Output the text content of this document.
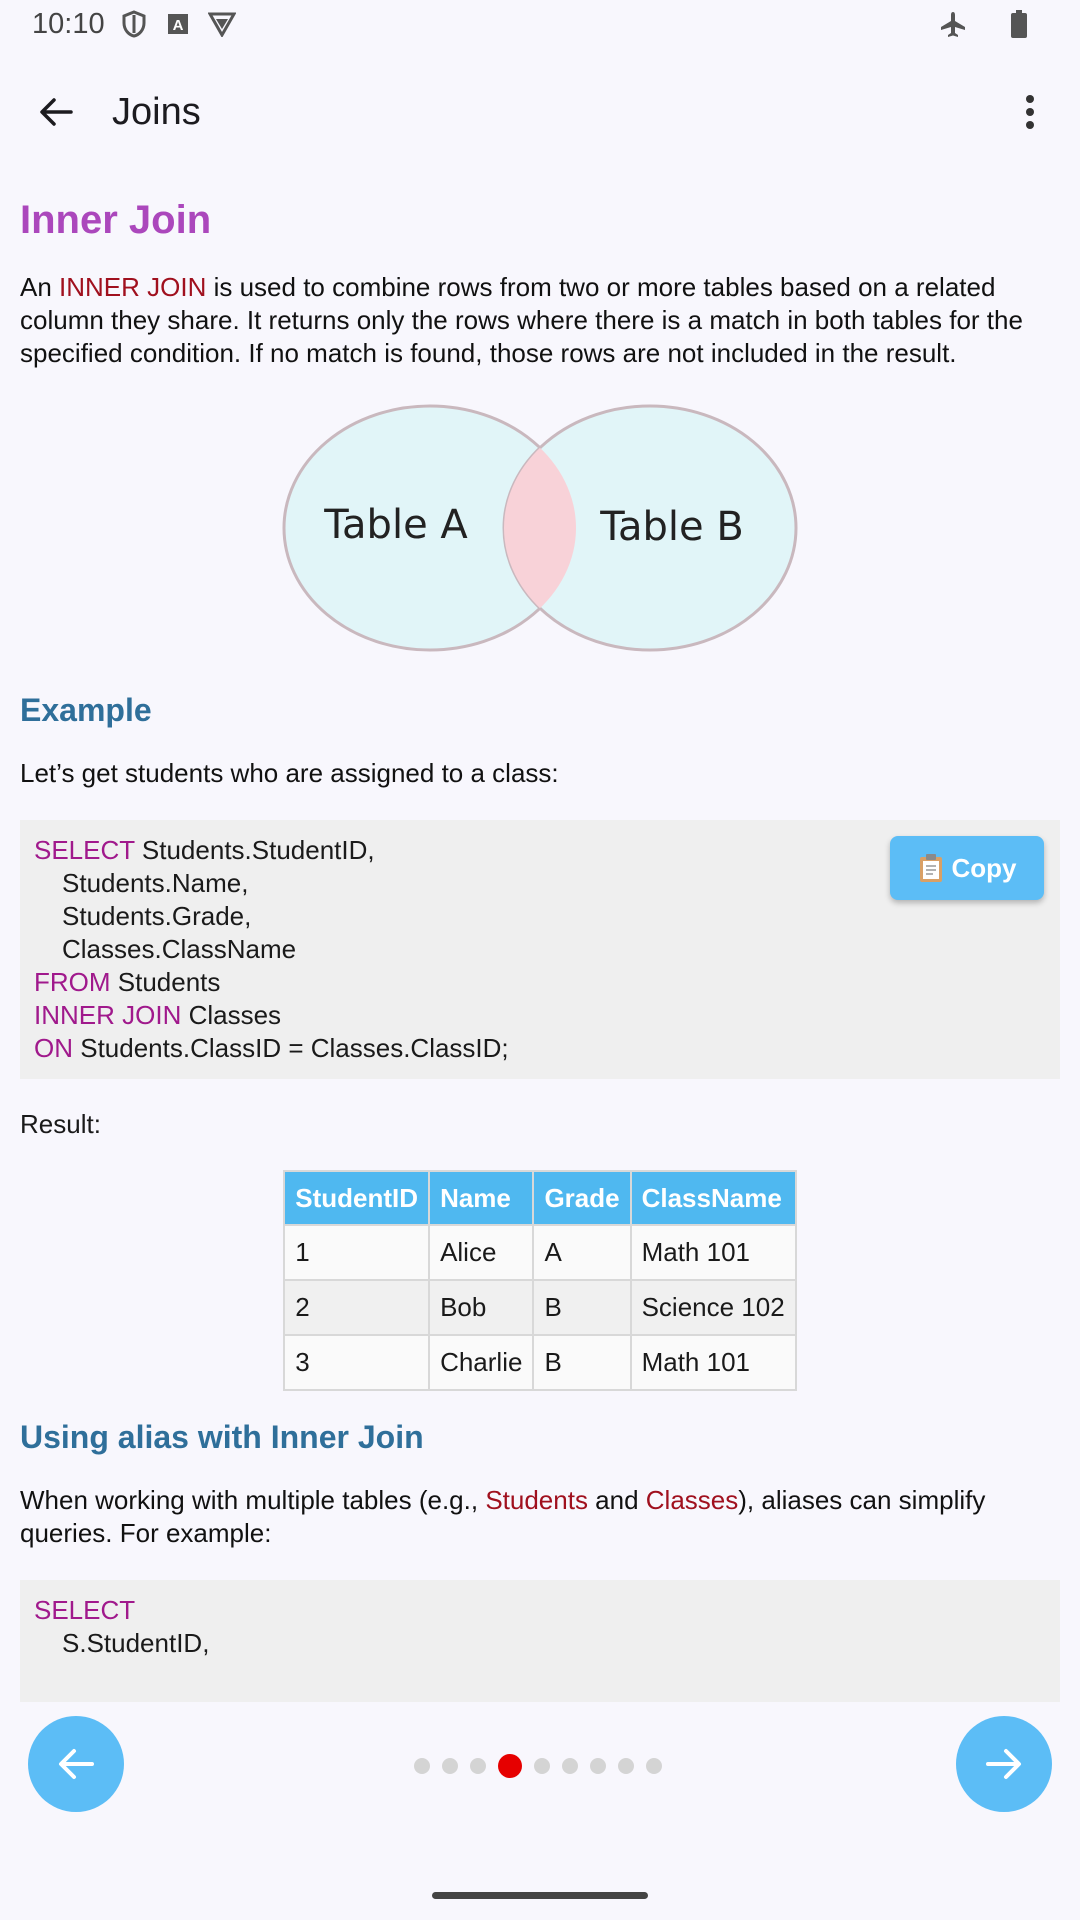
10:10	A
Joins
Inner Join

An INNER JOIN is used to combine rows from two or more tables based on a related column they share. It returns only the rows where there is a match in both tables for the specified condition. If no match is found, those rows are not included in the result.

Table A	Table B
Example

Let’s get students who are assigned to a class:

SELECT Students.StudentID,
Students.Name,
Students.Grade,
Classes.ClassName
FROM Students
INNER JOIN Classes
ON Students.ClassID = Classes.ClassID;
Copy

Result:

StudentID	Name	Grade	ClassName
1	Alice	A	Math 101
2	Bob	B	Science 102
3	Charlie	B	Math 101
Using alias with Inner Join

When working with multiple tables (e.g., Students and Classes), aliases can simplify queries. For example:

SELECT
S.StudentID,
